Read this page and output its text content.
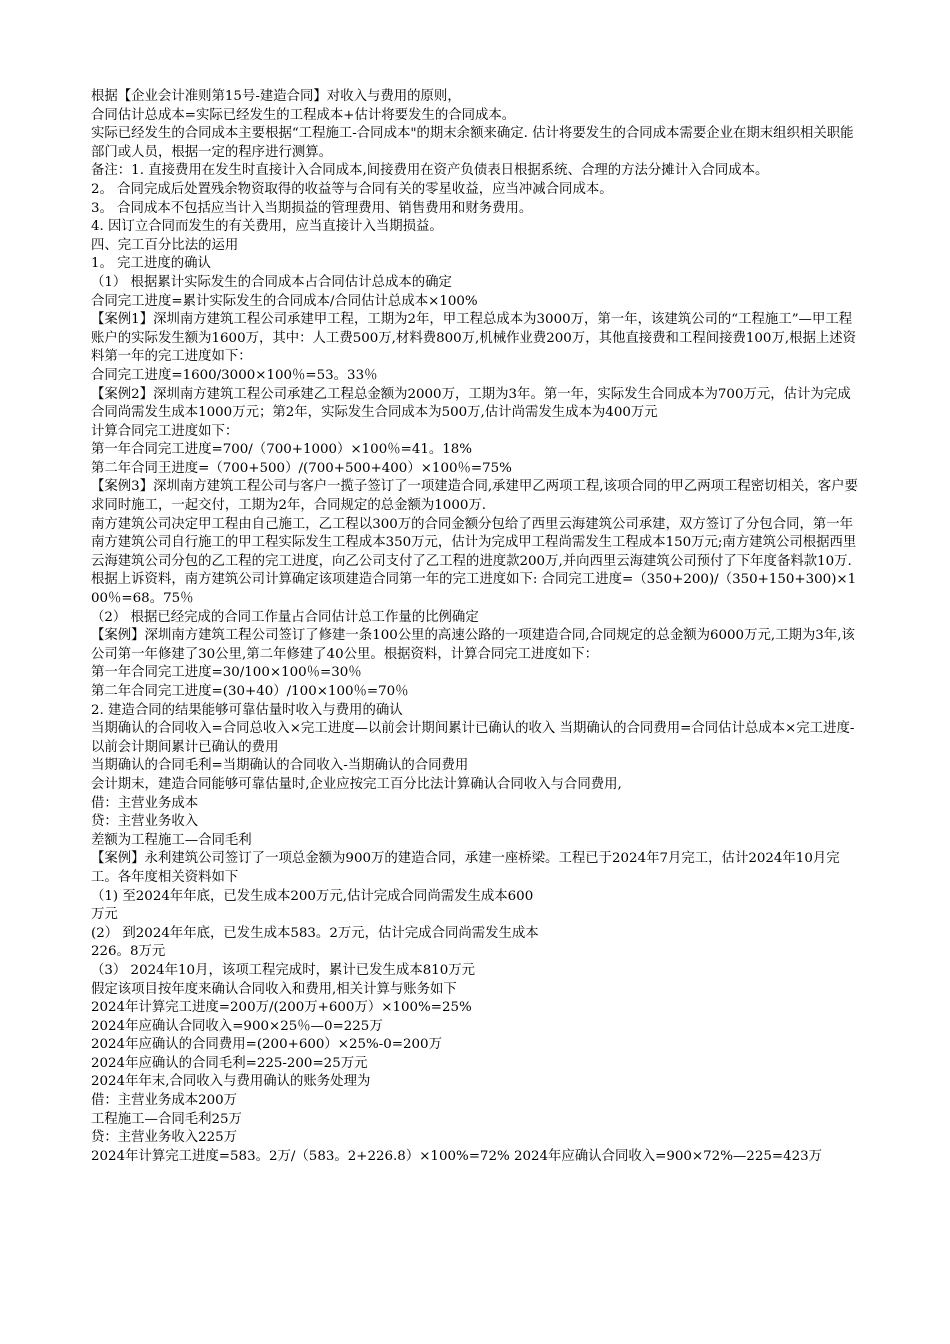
根据【企业会计准则第15号-建造合同】对收入与费用的原则，

合同估计总成本=实际已经发生的工程成本+估计将要发生的合同成本。

实际已经发生的合同成本主要根据“工程施工-合同成本"的期末余额来确定. 估计将要发生的合同成本需要企业在期末组织相关职能部门或人员，根据一定的程序进行测算。

备注：1. 直接费用在发生时直接计入合同成本,间接费用在资产负债表日根据系统、合理的方法分摊计入合同成本。

2。 合同完成后处置残余物资取得的收益等与合同有关的零星收益，应当冲减合同成本。

3。 合同成本不包括应当计入当期损益的管理费用、销售费用和财务费用。

4. 因订立合同而发生的有关费用，应当直接计入当期损益。

四、完工百分比法的运用

1。 完工进度的确认

（1） 根据累计实际发生的合同成本占合同估计总成本的确定

合同完工进度=累计实际发生的合同成本/合同估计总成本×100%

【案例1】深圳南方建筑工程公司承建甲工程，工期为2年，甲工程总成本为3000万，第一年，该建筑公司的“工程施工”—甲工程账户的实际发生额为1600万，其中：人工费500万,材料费800万,机械作业费200万，其他直接费和工程间接费100万,根据上述资料第一年的完工进度如下：

合同完工进度=1600/3000×100％=53。33％

【案例2】深圳南方建筑工程公司承建乙工程总金额为2000万，工期为3年。第一年，实际发生合同成本为700万元，估计为完成合同尚需发生成本1000万元；第2年，实际发生合同成本为500万,估计尚需发生成本为400万元

计算合同完工进度如下：

第一年合同完工进度=700/（700+1000）×100％=41。18%

第二年合同王进度=（700+500）/(700+500+400）×100％=75%

【案例3】深圳南方建筑工程公司与客户一揽子签订了一项建造合同,承建甲乙两项工程,该项合同的甲乙两项工程密切相关，客户要求同时施工，一起交付，工期为2年，合同规定的总金额为1000万.

南方建筑公司决定甲工程由自己施工，乙工程以300万的合同金额分包给了西里云海建筑公司承建，双方签订了分包合同，第一年南方建筑公司自行施工的甲工程实际发生工程成本350万元，估计为完成甲工程尚需发生工程成本150万元;南方建筑公司根据西里云海建筑公司分包的乙工程的完工进度，向乙公司支付了乙工程的进度款200万,并向西里云海建筑公司预付了下年度备料款10万. 根据上诉资料，南方建筑公司计算确定该项建造合同第一年的完工进度如下: 合同完工进度=（350+200)/（350+150+300)×100％=68。75％

（2） 根据已经完成的合同工作量占合同估计总工作量的比例确定

【案例】深圳南方建筑工程公司签订了修建一条100公里的高速公路的一项建造合同,合同规定的总金额为6000万元,工期为3年,该公司第一年修建了30公里,第二年修建了40公里。根据资料，计算合同完工进度如下：

第一年合同完工进度=30/100×100％=30％

第二年合同完工进度=(30+40）/100×100％=70％

2. 建造合同的结果能够可靠估量时收入与费用的确认

当期确认的合同收入=合同总收入×完工进度—以前会计期间累计已确认的收入 当期确认的合同费用=合同估计总成本×完工进度-以前会计期间累计已确认的费用

当期确认的合同毛利=当期确认的合同收入-当期确认的合同费用

会计期末，建造合同能够可靠估量时,企业应按完工百分比法计算确认合同收入与合同费用,

借：主营业务成本

贷：主营业务收入

差额为工程施工—合同毛利

【案例】永利建筑公司签订了一项总金额为900万的建造合同，承建一座桥梁。工程已于2024年7月完工，估计2024年10月完工。各年度相关资料如下

（1) 至2024年年底，已发生成本200万元,估计完成合同尚需发生成本600

万元

(2） 到2024年年底，已发生成本583。2万元，估计完成合同尚需发生成本

226。8万元

（3） 2024年10月，该项工程完成时，累计已发生成本810万元

假定该项目按年度来确认合同收入和费用,相关计算与账务如下

2024年计算完工进度=200万/(200万+600万）×100%=25%

2024年应确认合同收入=900×25％—0=225万

2024年应确认的合同费用=(200+600）×25%-0=200万

2024年应确认的合同毛利=225-200=25万元

2024年年末,合同收入与费用确认的账务处理为

借：主营业务成本200万

工程施工—合同毛利25万

贷：主营业务收入225万

2024年计算完工进度=583。2万/（583。2+226.8）×100%=72% 2024年应确认合同收入=900×72%—225=423万
